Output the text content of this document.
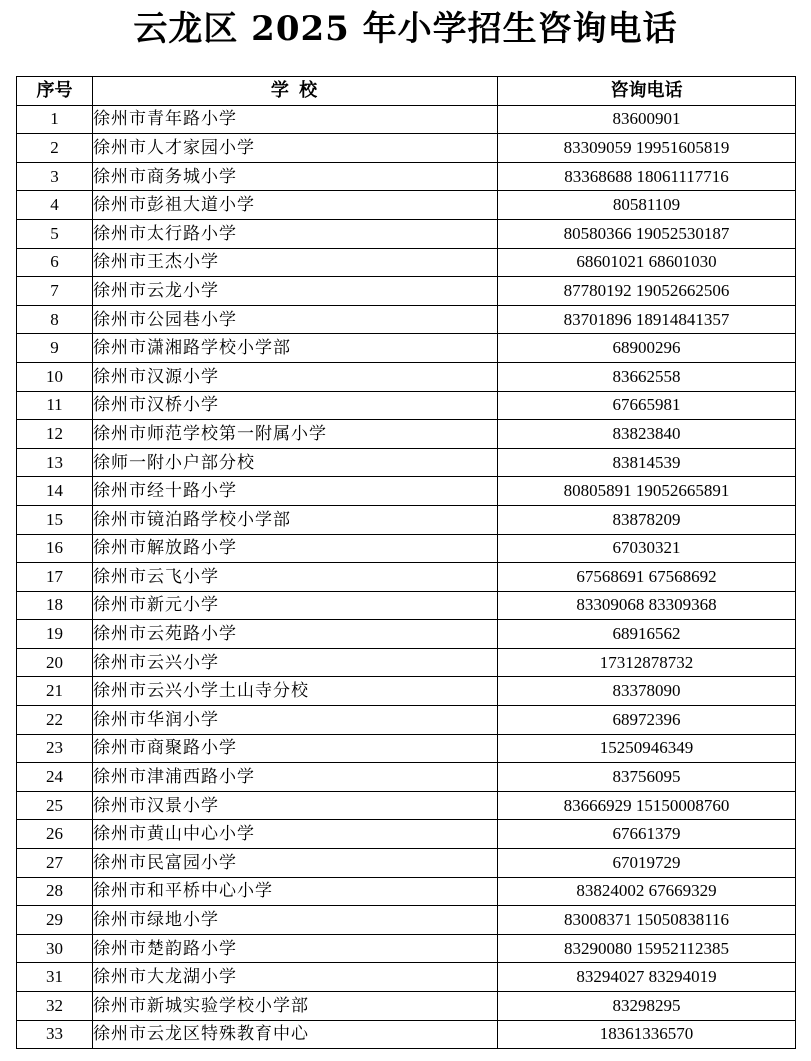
云龙区 2025 年小学招生咨询电话
序号	学 校	咨询电话
1	徐州市青年路小学	83600901
2	徐州市人才家园小学	83309059 19951605819
3	徐州市商务城小学	83368688 18061117716
4	徐州市彭祖大道小学	80581109
5	徐州市太行路小学	80580366 19052530187
6	徐州市王杰小学	68601021 68601030
7	徐州市云龙小学	87780192 19052662506
8	徐州市公园巷小学	83701896 18914841357
9	徐州市潇湘路学校小学部	68900296
10	徐州市汉源小学	83662558
11	徐州市汉桥小学	67665981
12	徐州市师范学校第一附属小学	83823840
13	徐师一附小户部分校	83814539
14	徐州市经十路小学	80805891 19052665891
15	徐州市镜泊路学校小学部	83878209
16	徐州市解放路小学	67030321
17	徐州市云飞小学	67568691 67568692
18	徐州市新元小学	83309068 83309368
19	徐州市云苑路小学	68916562
20	徐州市云兴小学	17312878732
21	徐州市云兴小学土山寺分校	83378090
22	徐州市华润小学	68972396
23	徐州市商聚路小学	15250946349
24	徐州市津浦西路小学	83756095
25	徐州市汉景小学	83666929 15150008760
26	徐州市黄山中心小学	67661379
27	徐州市民富园小学	67019729
28	徐州市和平桥中心小学	83824002 67669329
29	徐州市绿地小学	83008371 15050838116
30	徐州市楚韵路小学	83290080 15952112385
31	徐州市大龙湖小学	83294027 83294019
32	徐州市新城实验学校小学部	83298295
33	徐州市云龙区特殊教育中心	18361336570
